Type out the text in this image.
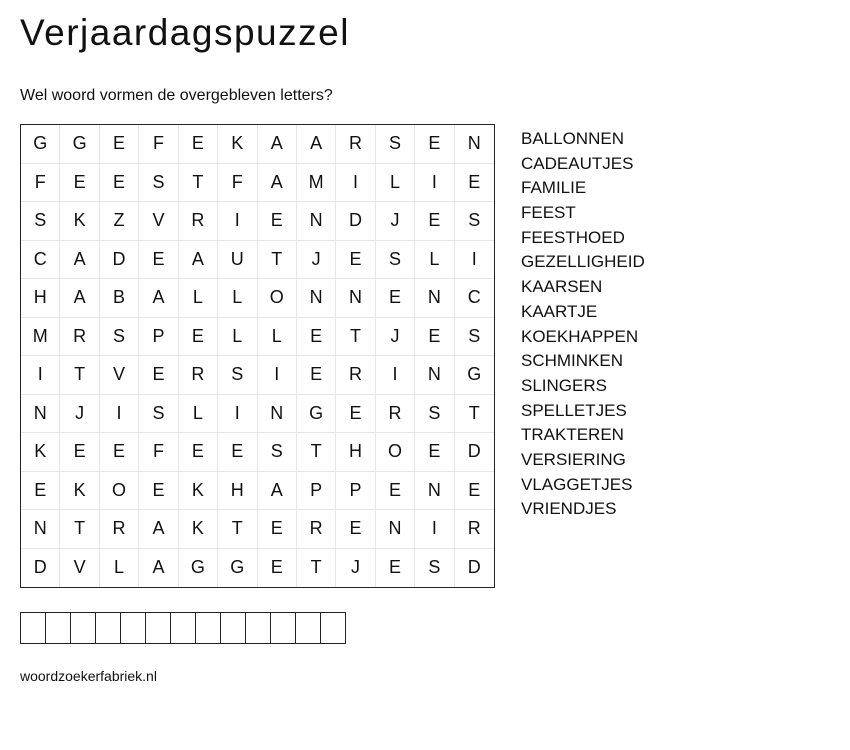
Verjaardagspuzzel
Wel woord vormen de overgebleven letters?
G	G	E	F	E	K	A	A	R	S	E	N
F	E	E	S	T	F	A	M	I	L	I	E
S	K	Z	V	R	I	E	N	D	J	E	S
C	A	D	E	A	U	T	J	E	S	L	I
H	A	B	A	L	L	O	N	N	E	N	C
M	R	S	P	E	L	L	E	T	J	E	S
I	T	V	E	R	S	I	E	R	I	N	G
N	J	I	S	L	I	N	G	E	R	S	T
K	E	E	F	E	E	S	T	H	O	E	D
E	K	O	E	K	H	A	P	P	E	N	E
N	T	R	A	K	T	E	R	E	N	I	R
D	V	L	A	G	G	E	T	J	E	S	D
BALLONNEN
CADEAUTJES
FAMILIE
FEEST
FEESTHOED
GEZELLIGHEID
KAARSEN
KAARTJE
KOEKHAPPEN
SCHMINKEN
SLINGERS
SPELLETJES
TRAKTEREN
VERSIERING
VLAGGETJES
VRIENDJES
woordzoekerfabriek.nl
